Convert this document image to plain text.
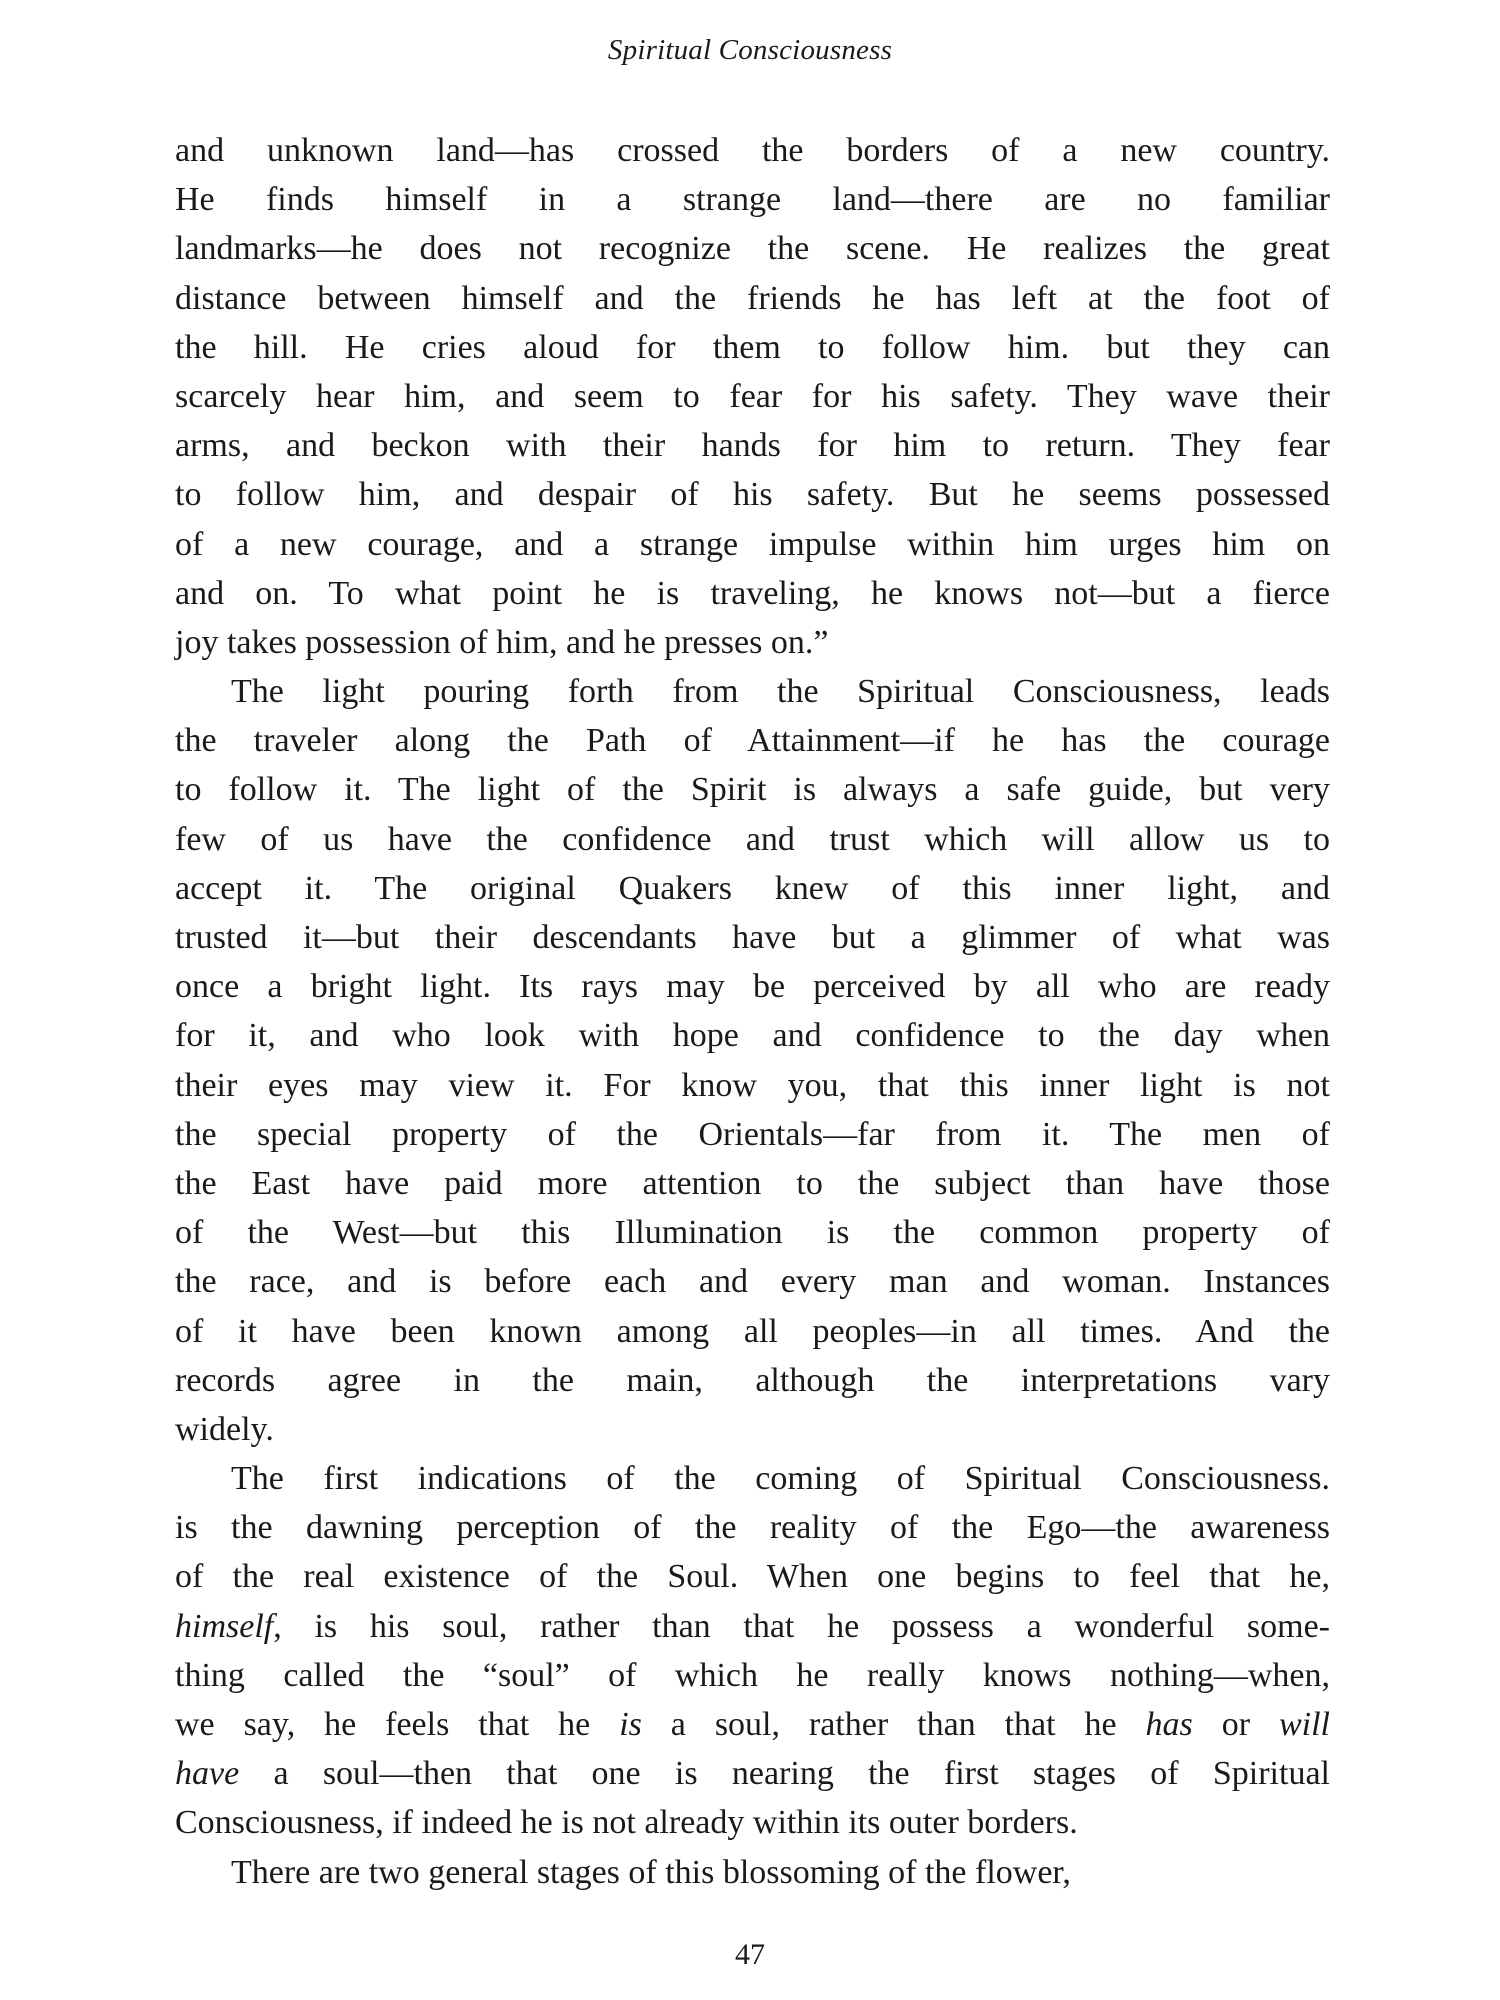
Spiritual Consciousness
and unknown land—has crossed the borders of a new country.
He finds himself in a strange land—there are no familiar
landmarks—he does not recognize the scene. He realizes the great
distance between himself and the friends he has left at the foot of
the hill. He cries aloud for them to follow him. but they can
scarcely hear him, and seem to fear for his safety. They wave their
arms, and beckon with their hands for him to return. They fear
to follow him, and despair of his safety. But he seems possessed
of a new courage, and a strange impulse within him urges him on
and on. To what point he is traveling, he knows not—but a fierce
joy takes possession of him, and he presses on.”
The light pouring forth from the Spiritual Consciousness, leads
the traveler along the Path of Attainment—if he has the courage
to follow it. The light of the Spirit is always a safe guide, but very
few of us have the confidence and trust which will allow us to
accept it. The original Quakers knew of this inner light, and
trusted it—but their descendants have but a glimmer of what was
once a bright light. Its rays may be perceived by all who are ready
for it, and who look with hope and confidence to the day when
their eyes may view it. For know you, that this inner light is not
the special property of the Orientals—far from it. The men of
the East have paid more attention to the subject than have those
of the West—but this Illumination is the common property of
the race, and is before each and every man and woman. Instances
of it have been known among all peoples—in all times. And the
records agree in the main, although the interpretations vary
widely.
The first indications of the coming of Spiritual Consciousness.
is the dawning perception of the reality of the Ego—the awareness
of the real existence of the Soul. When one begins to feel that he,
himself, is his soul, rather than that he possess a wonderful some-
thing called the “soul” of which he really knows nothing—when,
we say, he feels that he is a soul, rather than that he has or will
have a soul—then that one is nearing the first stages of Spiritual
Consciousness, if indeed he is not already within its outer borders.
There are two general stages of this blossoming of the flower,
47
